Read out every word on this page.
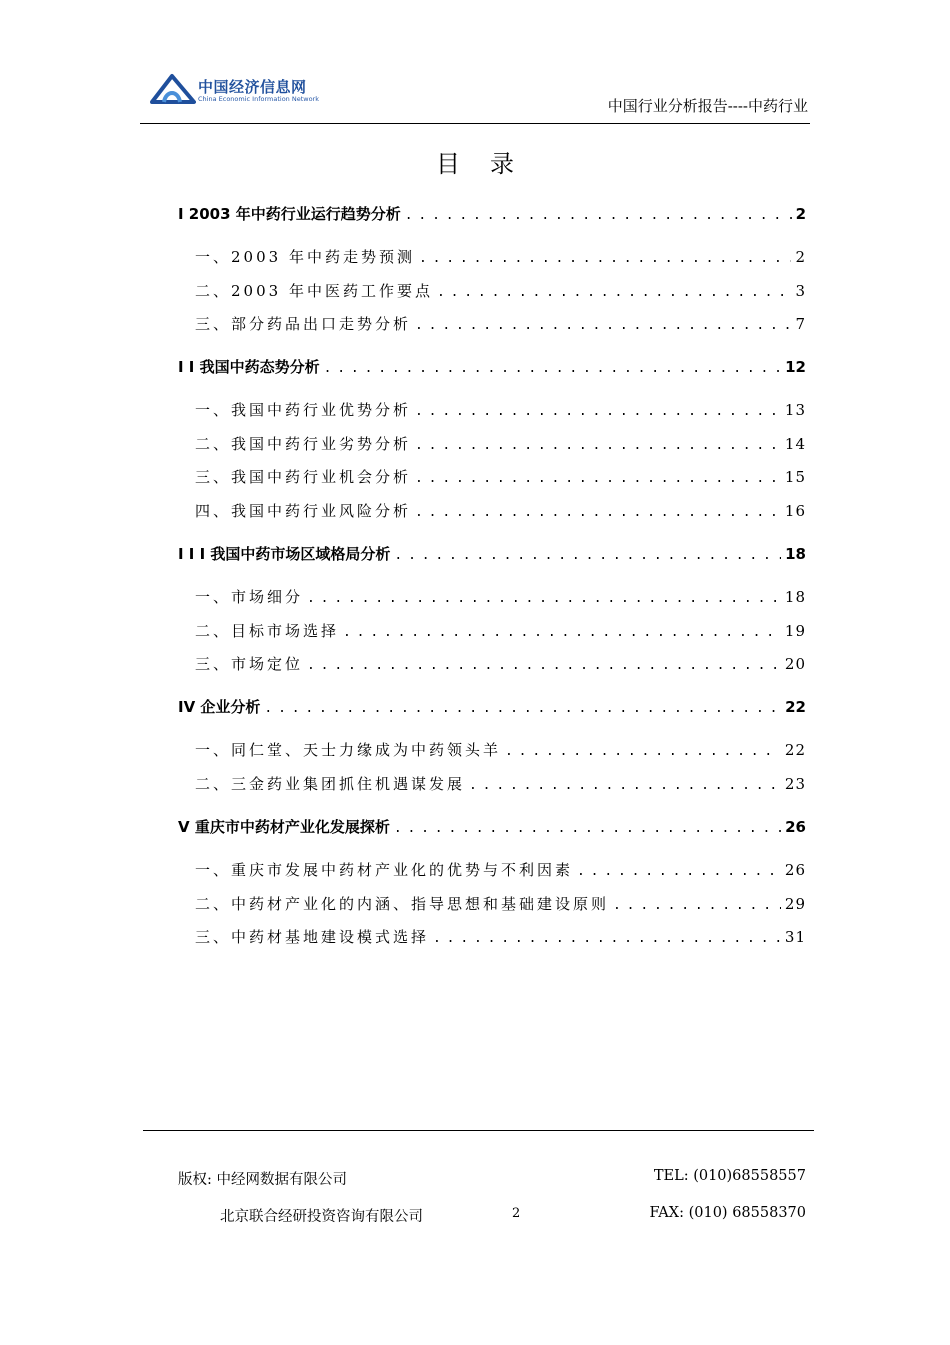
中国经济信息网
China Economic Information Network	中国行业分析报告----中药行业
目录
I 2003 年中药行业运行趋势分析 . . .	2
一、2003 年中药走势预测 . . .	2
二、2003 年中医药工作要点 . . .	3
三、部分药品出口走势分析 . . .	7
I I 我国中药态势分析 . . .	12
一、我国中药行业优势分析 . . .	13
二、我国中药行业劣势分析 . . .	14
三、我国中药行业机会分析 . . .	15
四、我国中药行业风险分析 . . .	16
I I I 我国中药市场区域格局分析 . . .	18
一、市场细分 . . .	18
二、目标市场选择 . . .	19
三、市场定位 . . .	20
IV 企业分析 . . .	22
一、同仁堂、天士力缘成为中药领头羊 . . .	22
二、三金药业集团抓住机遇谋发展 . . .	23
V 重庆市中药材产业化发展探析 . . .	26
一、重庆市发展中药材产业化的优势与不利因素 . . .	26
二、中药材产业化的内涵、指导思想和基础建设原则 . . .	29
三、中药材基地建设模式选择 . . .	31
版权: 中经网数据有限公司	TEL: (010)68558557
北京联合经研投资咨询有限公司	2	FAX: (010) 68558370
